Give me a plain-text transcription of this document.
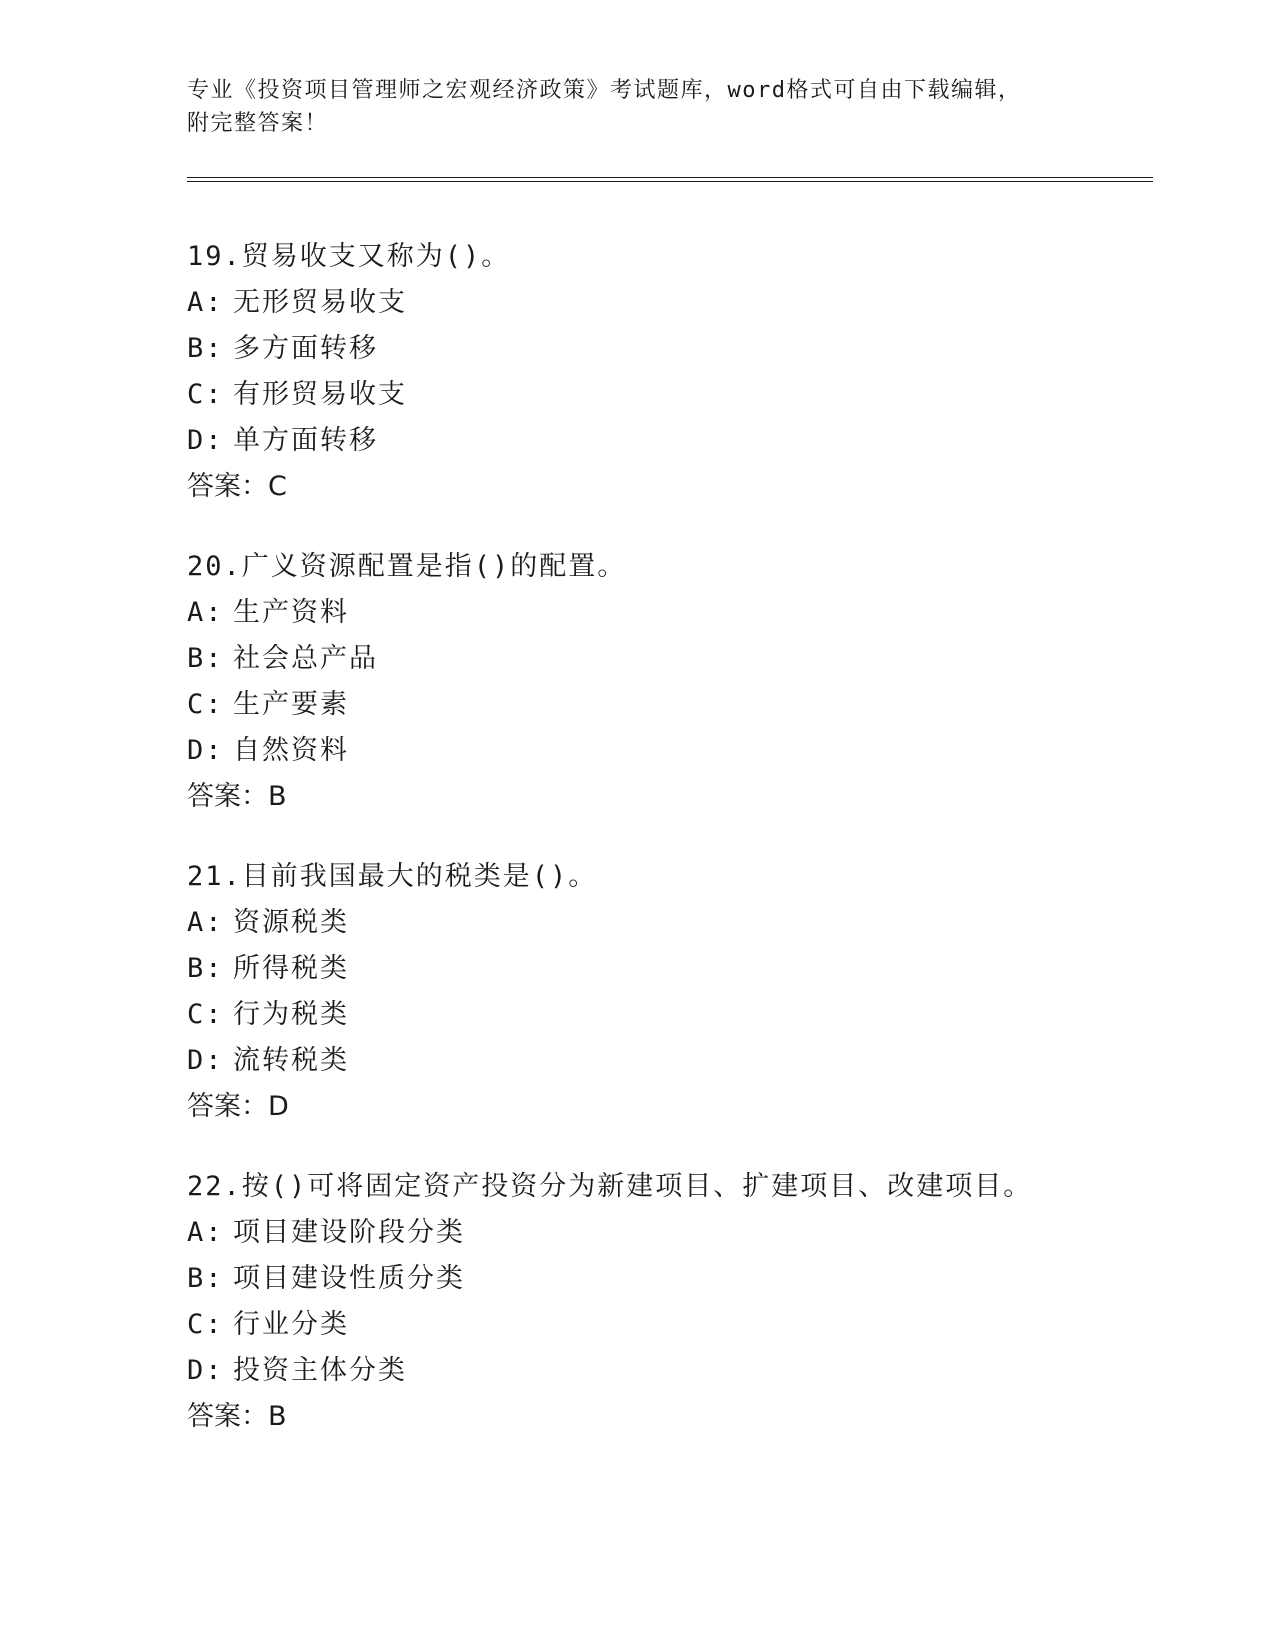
专业《投资项目管理师之宏观经济政策》考试题库，word格式可自由下载编辑，
附完整答案！
19.贸易收支又称为()。
A: 无形贸易收支
B: 多方面转移
C: 有形贸易收支
D: 单方面转移
答案：C
20.广义资源配置是指()的配置。
A: 生产资料
B: 社会总产品
C: 生产要素
D: 自然资料
答案：B
21.目前我国最大的税类是()。
A: 资源税类
B: 所得税类
C: 行为税类
D: 流转税类
答案：D
22.按()可将固定资产投资分为新建项目、扩建项目、改建项目。
A: 项目建设阶段分类
B: 项目建设性质分类
C: 行业分类
D: 投资主体分类
答案：B
